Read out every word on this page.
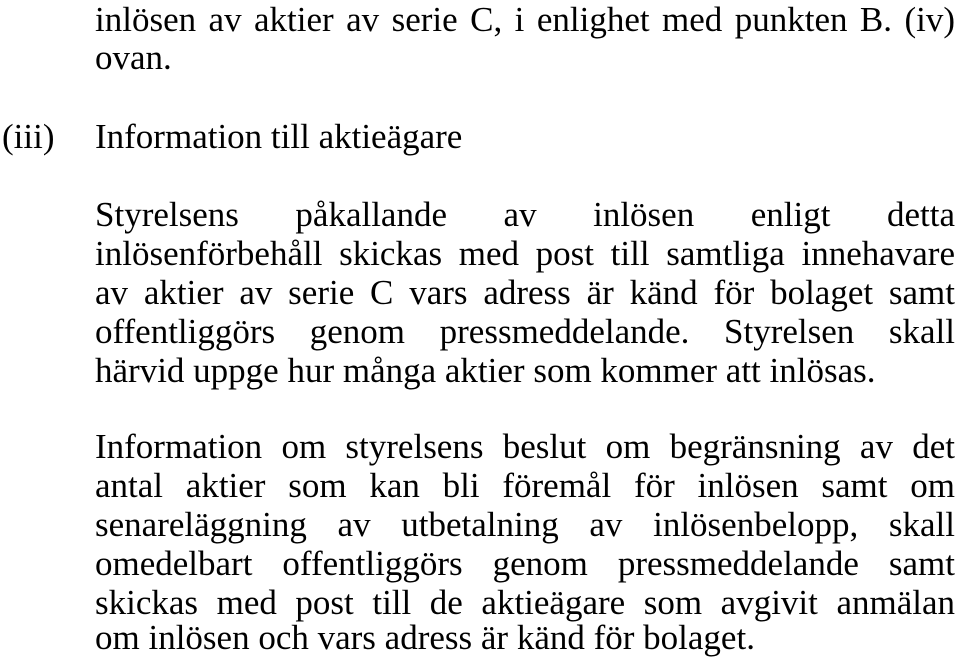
inlösen av aktier av serie C, i enlighet med punkten B. (iv)

ovan.

(iii) Information till aktieägare

Styrelsens påkallande av inlösen enligt detta

inlösenförbehåll skickas med post till samtliga innehavare

av aktier av serie C vars adress är känd för bolaget samt

offentliggörs genom pressmeddelande. Styrelsen skall

härvid uppge hur många aktier som kommer att inlösas.

Information om styrelsens beslut om begränsning av det

antal aktier som kan bli föremål för inlösen samt om

senareläggning av utbetalning av inlösenbelopp, skall

omedelbart offentliggörs genom pressmeddelande samt

skickas med post till de aktieägare som avgivit anmälan

om inlösen och vars adress är känd för bolaget.
